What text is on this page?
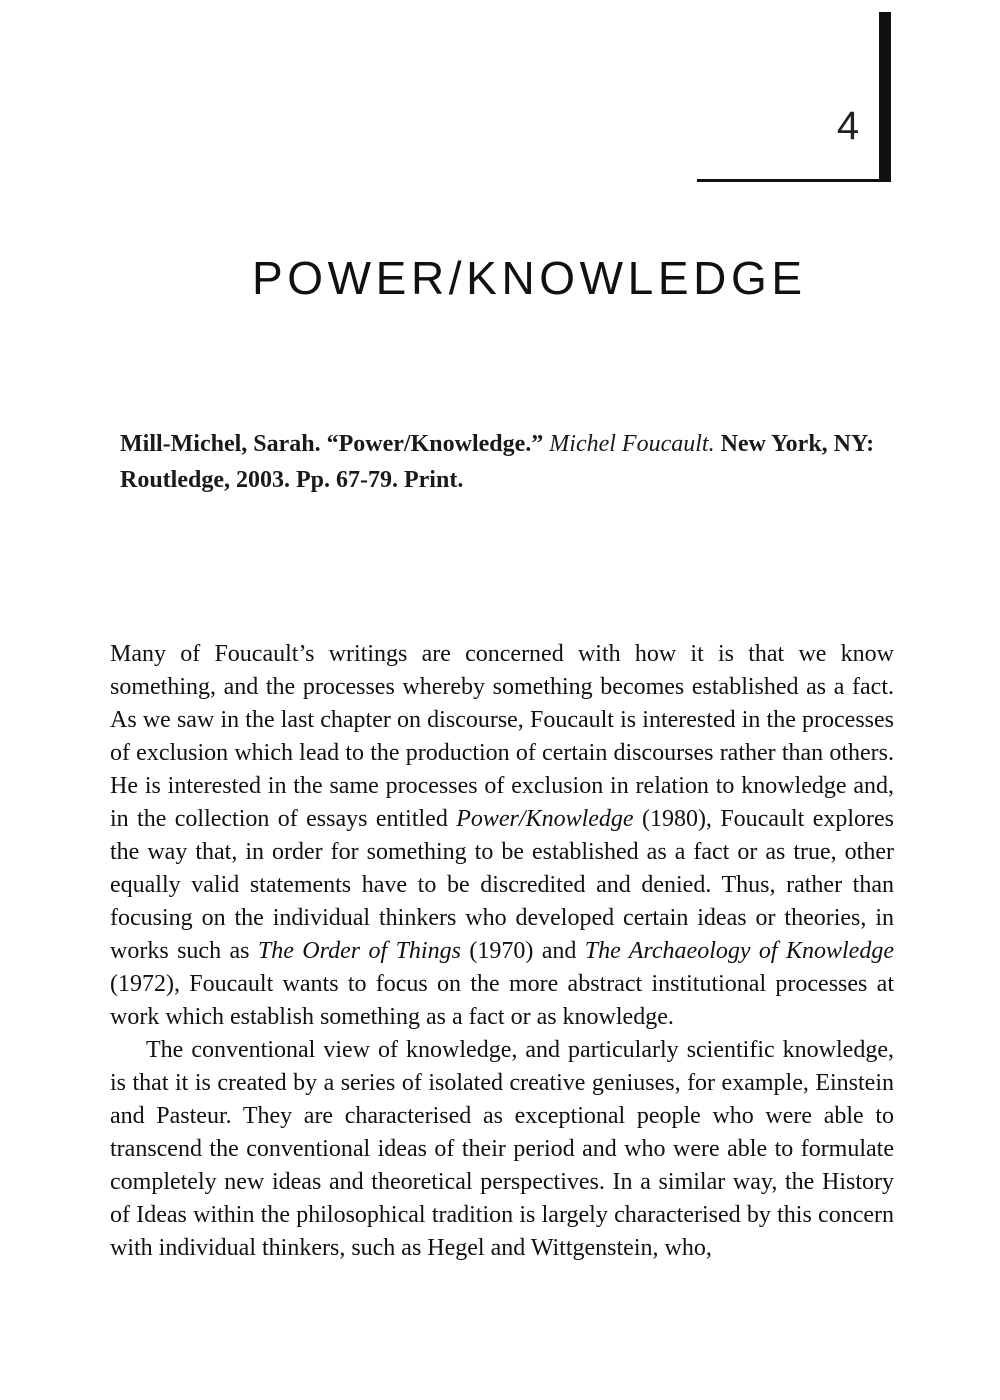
4
POWER/KNOWLEDGE

Mill-Michel, Sarah. “Power/Knowledge.” Michel Foucault. New York, NY: Routledge, 2003. Pp. 67-79. Print.

Many of Foucault’s writings are concerned with how it is that we know something, and the processes whereby something becomes established as a fact. As we saw in the last chapter on discourse, Foucault is interested in the processes of exclusion which lead to the production of certain discourses rather than others. He is interested in the same processes of exclusion in relation to knowledge and, in the collection of essays entitled Power/Knowledge (1980), Foucault explores the way that, in order for something to be established as a fact or as true, other equally valid statements have to be discredited and denied. Thus, rather than focusing on the individual thinkers who developed certain ideas or theories, in works such as The Order of Things (1970) and The Archaeology of Knowledge (1972), Foucault wants to focus on the more abstract institutional processes at work which establish something as a fact or as knowledge.

The conventional view of knowledge, and particularly scientific knowledge, is that it is created by a series of isolated creative geniuses, for example, Einstein and Pasteur. They are characterised as exceptional people who were able to transcend the conventional ideas of their period and who were able to formulate completely new ideas and theoretical perspectives. In a similar way, the History of Ideas within the philosophical tradition is largely characterised by this concern with individual thinkers, such as Hegel and Wittgenstein, who,
